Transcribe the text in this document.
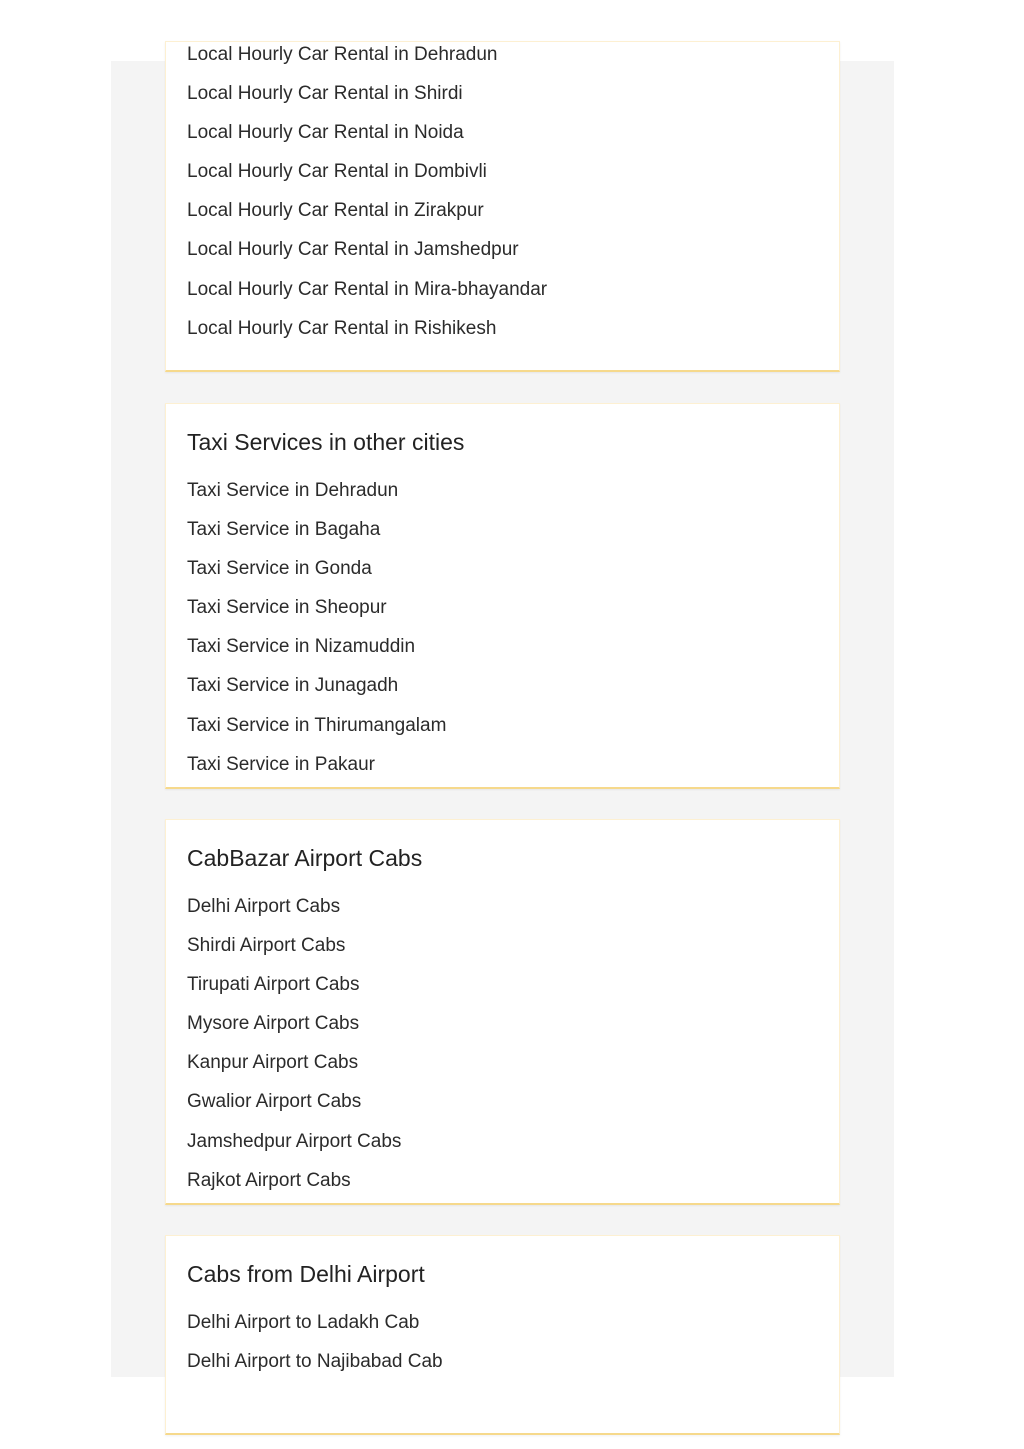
Local Hourly Car Rental in Dehradun
Local Hourly Car Rental in Shirdi
Local Hourly Car Rental in Noida
Local Hourly Car Rental in Dombivli
Local Hourly Car Rental in Zirakpur
Local Hourly Car Rental in Jamshedpur
Local Hourly Car Rental in Mira-bhayandar
Local Hourly Car Rental in Rishikesh
Taxi Services in other cities
Taxi Service in Dehradun
Taxi Service in Bagaha
Taxi Service in Gonda
Taxi Service in Sheopur
Taxi Service in Nizamuddin
Taxi Service in Junagadh
Taxi Service in Thirumangalam
Taxi Service in Pakaur
CabBazar Airport Cabs
Delhi Airport Cabs
Shirdi Airport Cabs
Tirupati Airport Cabs
Mysore Airport Cabs
Kanpur Airport Cabs
Gwalior Airport Cabs
Jamshedpur Airport Cabs
Rajkot Airport Cabs
Cabs from Delhi Airport
Delhi Airport to Ladakh Cab
Delhi Airport to Najibabad Cab
